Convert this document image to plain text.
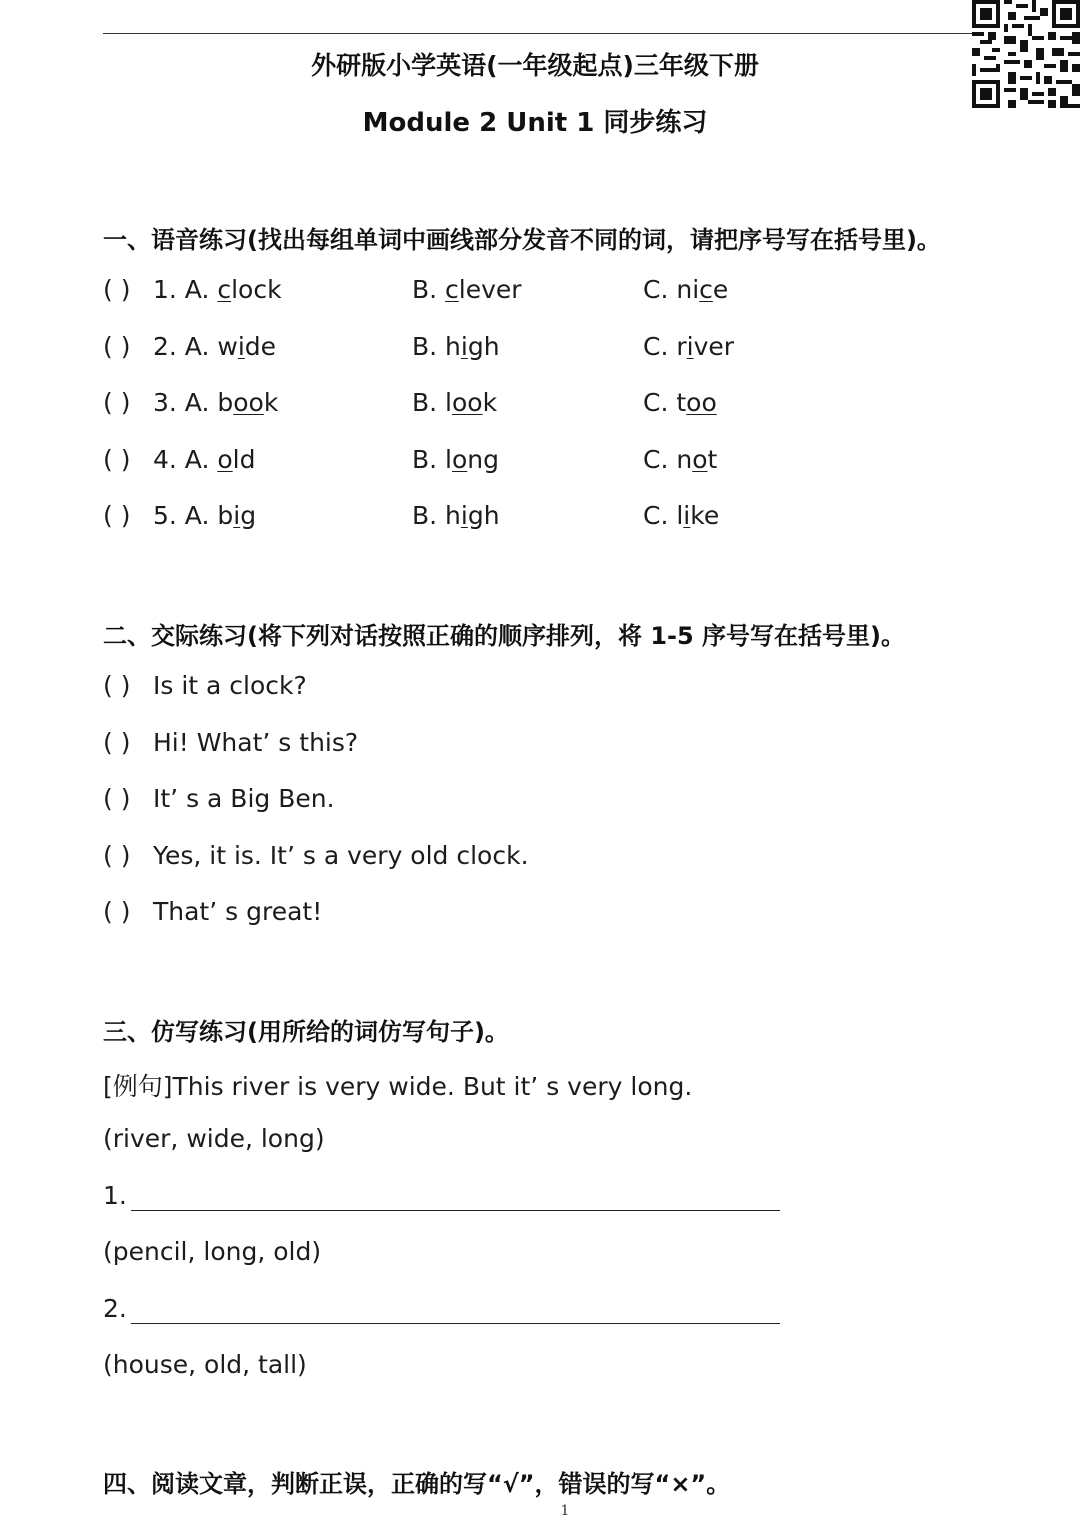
外研版小学英语(一年级起点)三年级下册
Module 2 Unit 1 同步练习
一、语音练习(找出每组单词中画线部分发音不同的词，请把序号写在括号里)。
( ) 1. A. clock	B. clever	C. nice
( ) 2. A. wide	B. high	C. river
( ) 3. A. book	B. look	C. too
( ) 4. A. old	B. long	C. not
( ) 5. A. big	B. high	C. like
二、交际练习(将下列对话按照正确的顺序排列，将 1-5 序号写在括号里)。
( ) Is it a clock?
( ) Hi! What’ s this?
( ) It’ s a Big Ben.
( ) Yes, it is. It’ s a very old clock.
( ) That’ s great!
三、仿写练习(用所给的词仿写句子)。
[例句]This river is very wide. But it’ s very long.
(river, wide, long)
1.
(pencil, long, old)
2.
(house, old, tall)
四、阅读文章，判断正误，正确的写“√”，错误的写“×”。
1
